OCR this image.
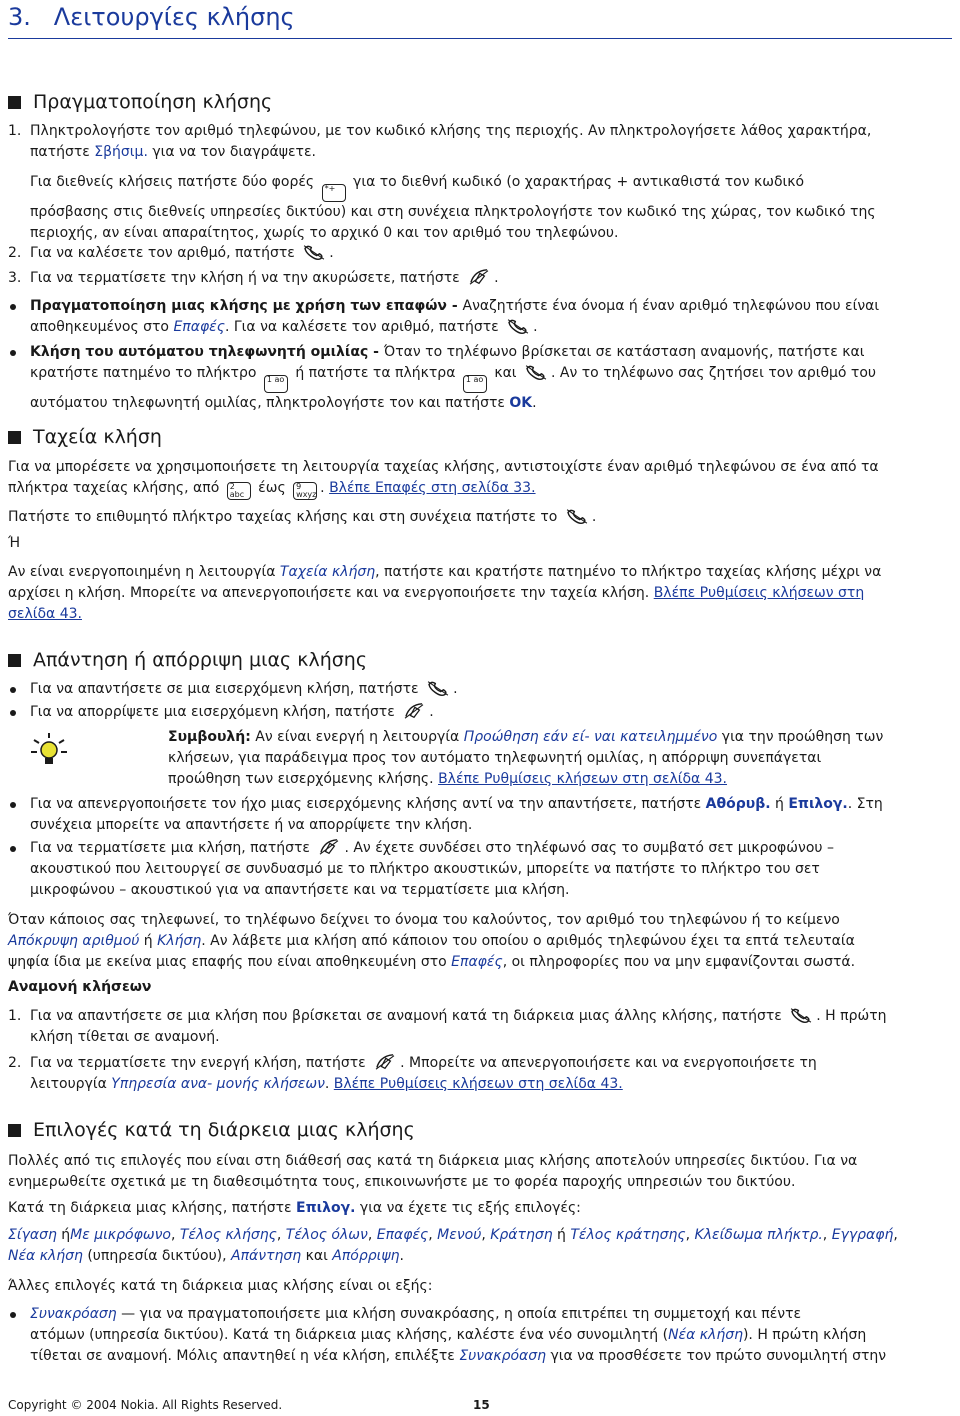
3. Λειτουργίες κλήσης
Πραγματοποίηση κλήσης
1. Πληκτρολογήστε τον αριθμό τηλεφώνου, με τον κωδικό κλήσης της περιοχής. Αν πληκτρολογήσετε λάθος χαρακτήρα,
πατήστε Σβήσιμ. για να τον διαγράψετε.
Για διεθνείς κλήσεις πατήστε δύο φορές *+ για το διεθνή κωδικό (ο χαρακτήρας + αντικαθιστά τον κωδικό
πρόσβασης στις διεθνείς υπηρεσίες δικτύου) και στη συνέχεια πληκτρολογήστε τον κωδικό της χώρας, τον κωδικό της
περιοχής, αν είναι απαραίτητος, χωρίς το αρχικό 0 και τον αριθμό του τηλεφώνου.
2. Για να καλέσετε τον αριθμό, πατήστε .
3. Για να τερματίσετε την κλήση ή να την ακυρώσετε, πατήστε .
Πραγματοποίηση μιας κλήσης με χρήση των επαφών - Αναζητήστε ένα όνομα ή έναν αριθμό τηλεφώνου που είναι
αποθηκευμένος στο Επαφές. Για να καλέσετε τον αριθμό, πατήστε .
Κλήση του αυτόματου τηλεφωνητή ομιλίας - Όταν το τηλέφωνο βρίσκεται σε κατάσταση αναμονής, πατήστε και
κρατήστε πατημένο το πλήκτρο 1 ao ή πατήστε τα πλήκτρα 1 ao και . Αν το τηλέφωνο σας ζητήσει τον αριθμό του
αυτόματου τηλεφωνητή ομιλίας, πληκτρολογήστε τον και πατήστε OK.
Ταχεία κλήση
Για να μπορέσετε να χρησιμοποιήσετε τη λειτουργία ταχείας κλήσης, αντιστοιχίστε έναν αριθμό τηλεφώνου σε ένα από τα
πλήκτρα ταχείας κλήσης, από 2 abc έως 9 wxyz . Βλέπε Επαφές στη σελίδα 33.
Πατήστε το επιθυμητό πλήκτρο ταχείας κλήσης και στη συνέχεια πατήστε το .
Ή
Αν είναι ενεργοποιημένη η λειτουργία Ταχεία κλήση, πατήστε και κρατήστε πατημένο το πλήκτρο ταχείας κλήσης μέχρι να
αρχίσει η κλήση. Μπορείτε να απενεργοποιήσετε και να ενεργοποιήσετε την ταχεία κλήση. Βλέπε Ρυθμίσεις κλήσεων στη
σελίδα 43.
Απάντηση ή απόρριψη μιας κλήσης
Για να απαντήσετε σε μια εισερχόμενη κλήση, πατήστε .
Για να απορρίψετε μια εισερχόμενη κλήση, πατήστε .
Συμβουλή: Αν είναι ενεργή η λειτουργία Προώθηση εάν εί- ναι κατειλημμένο για την προώθηση των
κλήσεων, για παράδειγμα προς τον αυτόματο τηλεφωνητή ομιλίας, η απόρριψη συνεπάγεται
προώθηση των εισερχόμενης κλήσης. Βλέπε Ρυθμίσεις κλήσεων στη σελίδα 43.
Για να απενεργοποιήσετε τον ήχο μιας εισερχόμενης κλήσης αντί να την απαντήσετε, πατήστε Αθόρυβ. ή Επιλογ.. Στη
συνέχεια μπορείτε να απαντήσετε ή να απορρίψετε την κλήση.
Για να τερματίσετε μια κλήση, πατήστε . Αν έχετε συνδέσει στο τηλέφωνό σας το συμβατό σετ μικροφώνου –
ακουστικού που λειτουργεί σε συνδυασμό με το πλήκτρο ακουστικών, μπορείτε να πατήστε το πλήκτρο του σετ
μικροφώνου – ακουστικού για να απαντήσετε και να τερματίσετε μια κλήση.
Όταν κάποιος σας τηλεφωνεί, το τηλέφωνο δείχνει το όνομα του καλούντος, τον αριθμό του τηλεφώνου ή το κείμενο
Απόκρυψη αριθμού ή Κλήση. Αν λάβετε μια κλήση από κάποιον του οποίου ο αριθμός τηλεφώνου έχει τα επτά τελευταία
ψηφία ίδια με εκείνα μιας επαφής που είναι αποθηκευμένη στο Επαφές, οι πληροφορίες που να μην εμφανίζονται σωστά.
Αναμονή κλήσεων
1. Για να απαντήσετε σε μια κλήση που βρίσκεται σε αναμονή κατά τη διάρκεια μιας άλλης κλήσης, πατήστε . Η πρώτη
κλήση τίθεται σε αναμονή.
2. Για να τερματίσετε την ενεργή κλήση, πατήστε . Μπορείτε να απενεργοποιήσετε και να ενεργοποιήσετε τη
λειτουργία Υπηρεσία ανα- μονής κλήσεων. Βλέπε Ρυθμίσεις κλήσεων στη σελίδα 43.
Επιλογές κατά τη διάρκεια μιας κλήσης
Πολλές από τις επιλογές που είναι στη διάθεσή σας κατά τη διάρκεια μιας κλήσης αποτελούν υπηρεσίες δικτύου. Για να
ενημερωθείτε σχετικά με τη διαθεσιμότητα τους, επικοινωνήστε με το φορέα παροχής υπηρεσιών του δικτύου.
Κατά τη διάρκεια μιας κλήσης, πατήστε Επιλογ. για να έχετε τις εξής επιλογές:
Σίγαση ήΜε μικρόφωνο, Τέλος κλήσης, Τέλος όλων, Επαφές, Μενού, Κράτηση ή Τέλος κράτησης, Κλείδωμα πλήκτρ., Εγγραφή,
Νέα κλήση (υπηρεσία δικτύου), Απάντηση και Απόρριψη.
Άλλες επιλογές κατά τη διάρκεια μιας κλήσης είναι οι εξής:
Συνακρόαση — για να πραγματοποιήσετε μια κλήση συνακρόασης, η οποία επιτρέπει τη συμμετοχή και πέντε
ατόμων (υπηρεσία δικτύου). Κατά τη διάρκεια μιας κλήσης, καλέστε ένα νέο συνομιλητή (Νέα κλήση). Η πρώτη κλήση
τίθεται σε αναμονή. Μόλις απαντηθεί η νέα κλήση, επιλέξτε Συνακρόαση για να προσθέσετε τον πρώτο συνομιλητή στην
Copyright © 2004 Nokia. All Rights Reserved.	15
